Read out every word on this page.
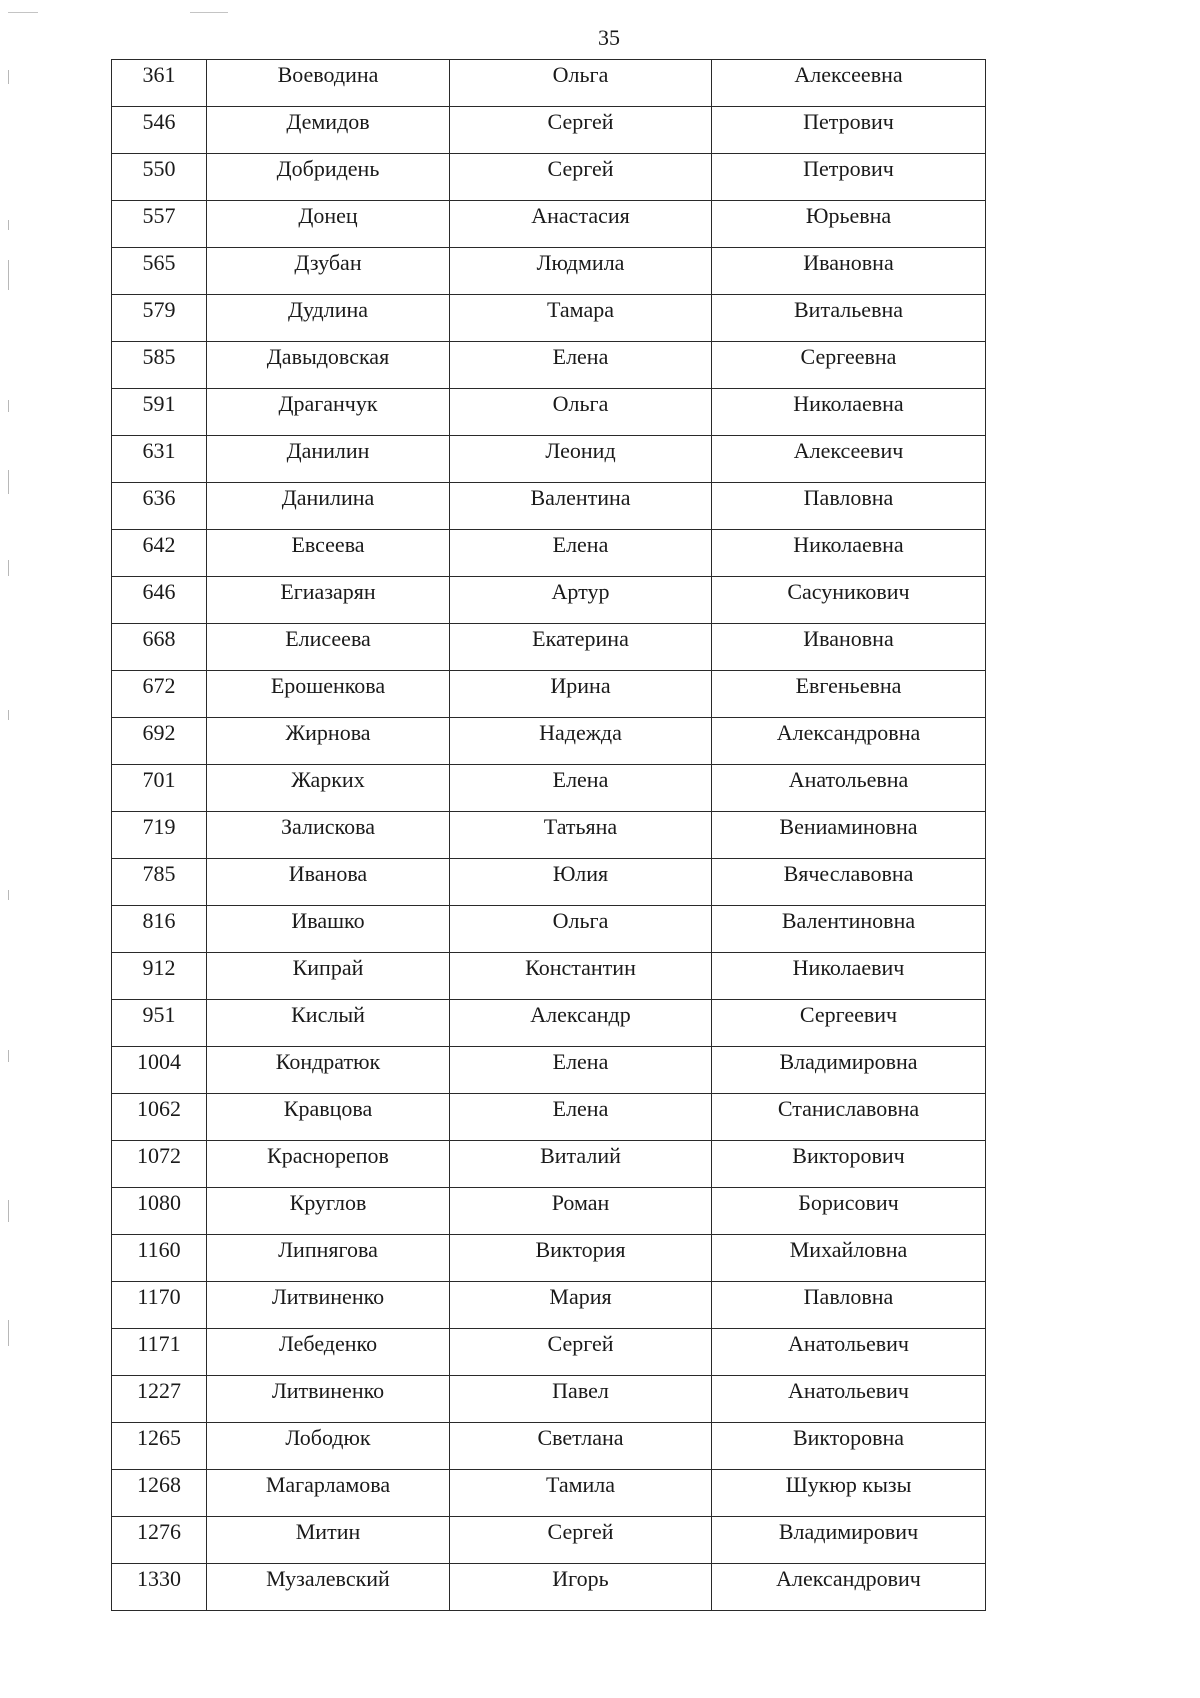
35
361	Воеводина	Ольга	Алексеевна
546	Демидов	Сергей	Петрович
550	Добридень	Сергей	Петрович
557	Донец	Анастасия	Юрьевна
565	Дзубан	Людмила	Ивановна
579	Дудлина	Тамара	Витальевна
585	Давыдовская	Елена	Сергеевна
591	Драганчук	Ольга	Николаевна
631	Данилин	Леонид	Алексеевич
636	Данилина	Валентина	Павловна
642	Евсеева	Елена	Николаевна
646	Егиазарян	Артур	Сасуникович
668	Елисеева	Екатерина	Ивановна
672	Ерошенкова	Ирина	Евгеньевна
692	Жирнова	Надежда	Александровна
701	Жарких	Елена	Анатольевна
719	Залискова	Татьяна	Вениаминовна
785	Иванова	Юлия	Вячеславовна
816	Ивашко	Ольга	Валентиновна
912	Кипрай	Константин	Николаевич
951	Кислый	Александр	Сергеевич
1004	Кондратюк	Елена	Владимировна
1062	Кравцова	Елена	Станиславовна
1072	Краснорепов	Виталий	Викторович
1080	Круглов	Роман	Борисович
1160	Липнягова	Виктория	Михайловна
1170	Литвиненко	Мария	Павловна
1171	Лебеденко	Сергей	Анатольевич
1227	Литвиненко	Павел	Анатольевич
1265	Лободюк	Светлана	Викторовна
1268	Магарламова	Тамила	Шукюр кызы
1276	Митин	Сергей	Владимирович
1330	Музалевский	Игорь	Александрович
